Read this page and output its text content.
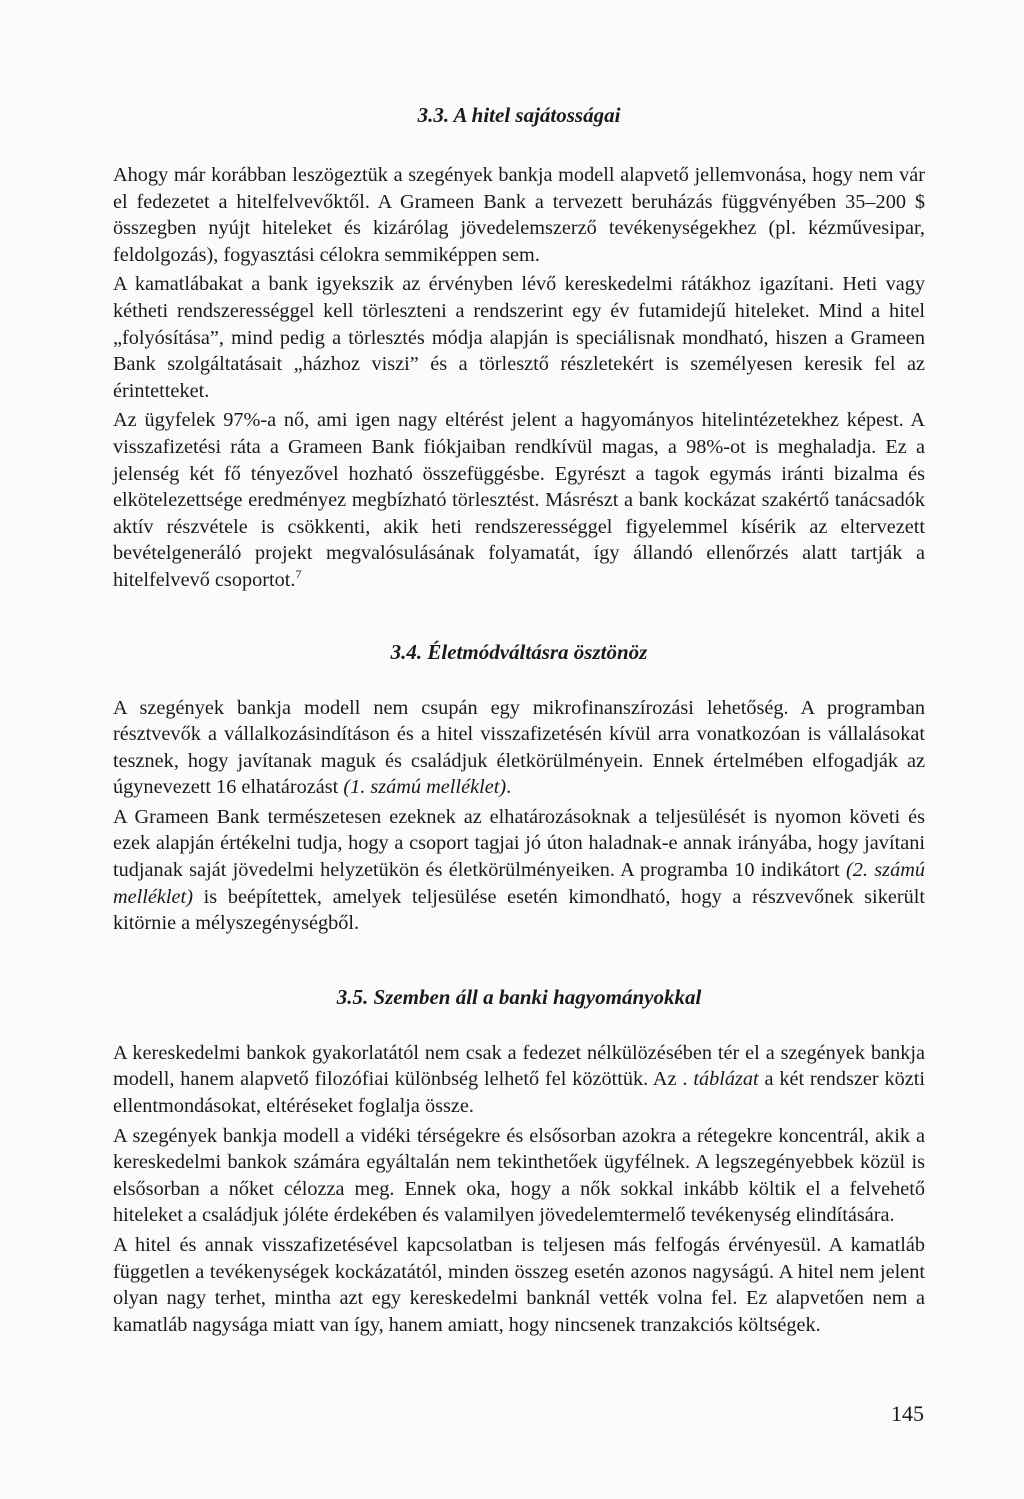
3.3. A hitel sajátosságai

Ahogy már korábban leszögeztük a szegények bankja modell alapvető jellemvonása, hogy nem vár el fedezetet a hitelfelvevőktől. A Grameen Bank a tervezett beruházás függvényében 35–200 $ összegben nyújt hiteleket és kizárólag jövedelemszerző tevékenységekhez (pl. kézművesipar, feldolgozás), fogyasztási célokra semmiképpen sem.

A kamatlábakat a bank igyekszik az érvényben lévő kereskedelmi rátákhoz igazítani. Heti vagy kétheti rendszerességgel kell törleszteni a rendszerint egy év futamidejű hiteleket. Mind a hitel „folyósítása”, mind pedig a törlesztés módja alapján is speciálisnak mondható, hiszen a Grameen Bank szolgáltatásait „házhoz viszi” és a törlesztő részletekért is személyesen keresik fel az érintetteket.

Az ügyfelek 97%-a nő, ami igen nagy eltérést jelent a hagyományos hitelintézetekhez képest. A visszafizetési ráta a Grameen Bank fiókjaiban rendkívül magas, a 98%-ot is meghaladja. Ez a jelenség két fő tényezővel hozható összefüggésbe. Egyrészt a tagok egymás iránti bizalma és elkötelezettsége eredményez megbízható törlesztést. Másrészt a bank kockázat szakértő tanácsadók aktív részvétele is csökkenti, akik heti rendszerességgel figyelemmel kísérik az eltervezett bevételgeneráló projekt megvalósulásának folyamatát, így állandó ellenőrzés alatt tartják a hitelfelvevő csoportot.$^7$

3.4. Életmódváltásra ösztönöz

A szegények bankja modell nem csupán egy mikrofinanszírozási lehetőség. A programban résztvevők a vállalkozásindításon és a hitel visszafizetésén kívül arra vonatkozóan is vállalásokat tesznek, hogy javítanak maguk és családjuk életkörülményein. Ennek értelmében elfogadják az úgynevezett 16 elhatározást (1. számú melléklet).

A Grameen Bank természetesen ezeknek az elhatározásoknak a teljesülését is nyomon követi és ezek alapján értékelni tudja, hogy a csoport tagjai jó úton haladnak-e annak irányába, hogy javítani tudjanak saját jövedelmi helyzetükön és életkörülményeiken. A programba 10 indikátort (2. számú melléklet) is beépítettek, amelyek teljesülése esetén kimondható, hogy a részvevőnek sikerült kitörnie a mélyszegénységből.

3.5. Szemben áll a banki hagyományokkal

A kereskedelmi bankok gyakorlatától nem csak a fedezet nélkülözésében tér el a szegények bankja modell, hanem alapvető filozófiai különbség lelhető fel közöttük. Az . táblázat a két rendszer közti ellentmondásokat, eltéréseket foglalja össze.

A szegények bankja modell a vidéki térségekre és elsősorban azokra a rétegekre koncentrál, akik a kereskedelmi bankok számára egyáltalán nem tekinthetőek ügyfélnek. A legszegényebbek közül is elsősorban a nőket célozza meg. Ennek oka, hogy a nők sokkal inkább költik el a felvehető hiteleket a családjuk jóléte érdekében és valamilyen jövedelemtermelő tevékenység elindítására.

A hitel és annak visszafizetésével kapcsolatban is teljesen más felfogás érvényesül. A kamatláb független a tevékenységek kockázatától, minden összeg esetén azonos nagyságú. A hitel nem jelent olyan nagy terhet, mintha azt egy kereskedelmi banknál vették volna fel. Ez alapvetően nem a kamatláb nagysága miatt van így, hanem amiatt, hogy nincsenek tranzakciós költségek.

145
